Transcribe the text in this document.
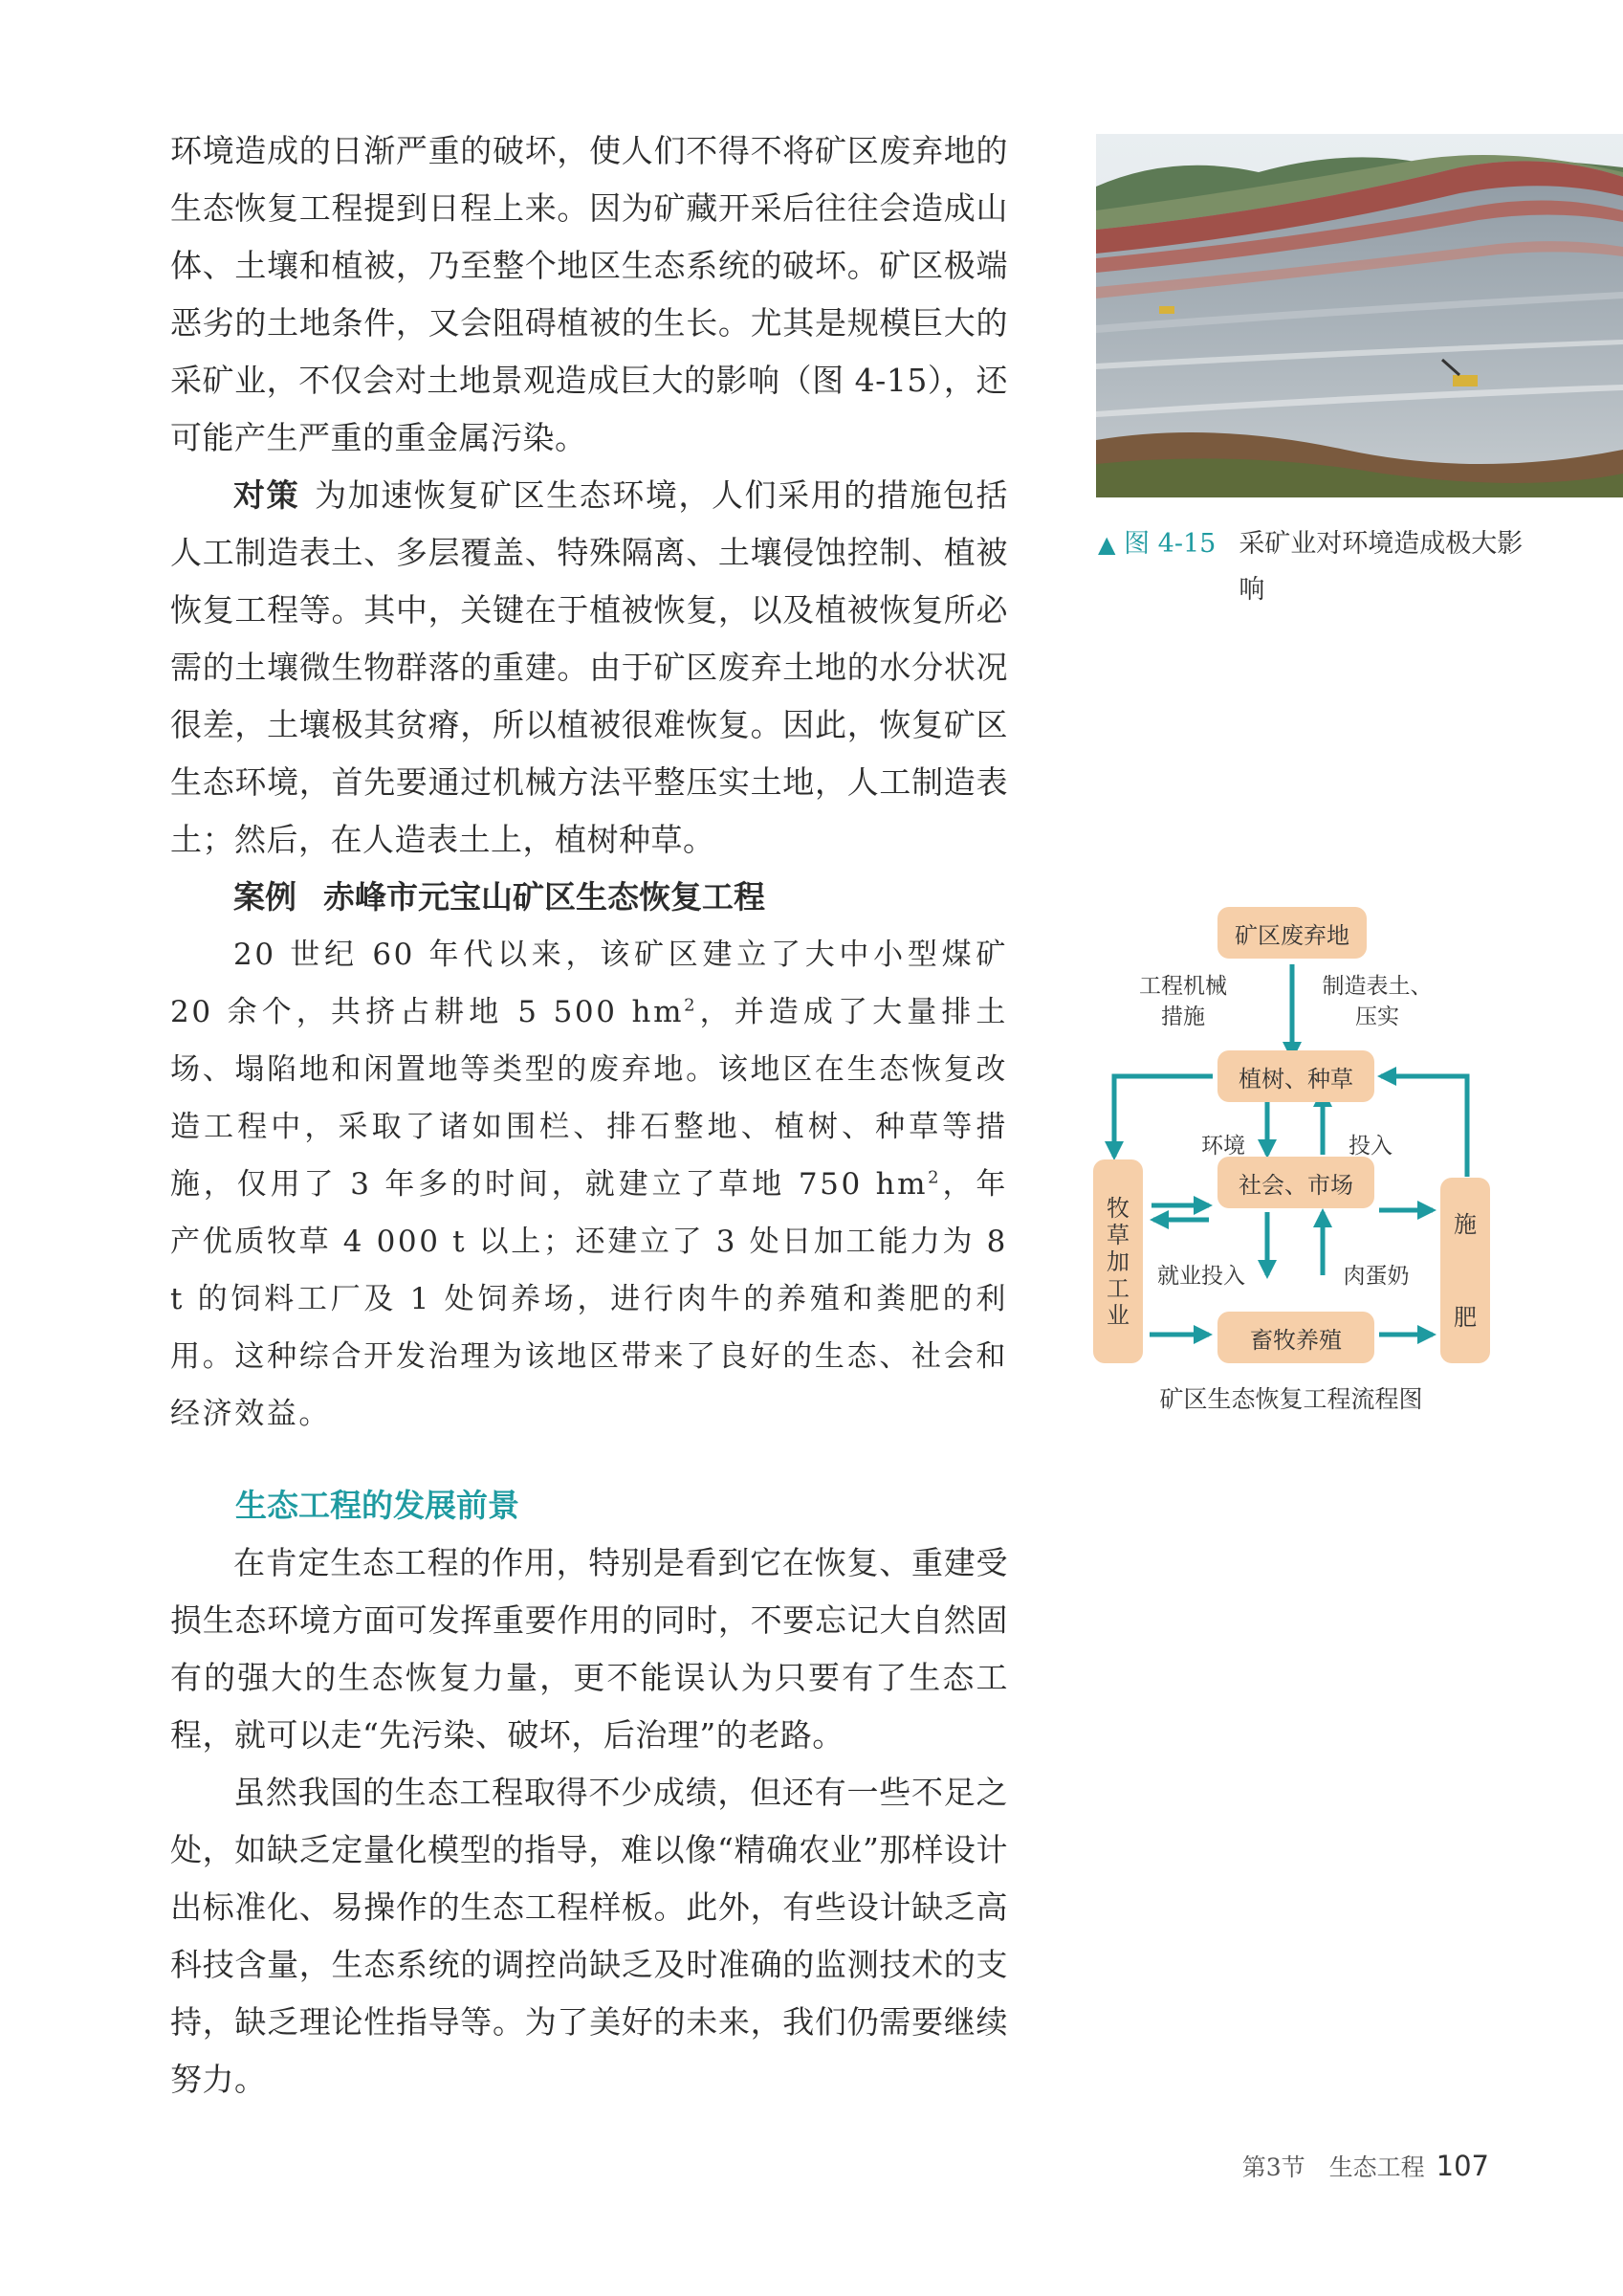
环境造成的日渐严重的破坏，使人们不得不将矿区废弃地的生态恢复工程提到日程上来。因为矿藏开采后往往会造成山体、土壤和植被，乃至整个地区生态系统的破坏。矿区极端恶劣的土地条件，又会阻碍植被的生长。尤其是规模巨大的采矿业，不仅会对土地景观造成巨大的影响（图 4-15），还可能产生严重的重金属污染。

对策 为加速恢复矿区生态环境，人们采用的措施包括人工制造表土、多层覆盖、特殊隔离、土壤侵蚀控制、植被恢复工程等。其中，关键在于植被恢复，以及植被恢复所必需的土壤微生物群落的重建。由于矿区废弃土地的水分状况很差，土壤极其贫瘠，所以植被很难恢复。因此，恢复矿区生态环境，首先要通过机械方法平整压实土地，人工制造表土；然后，在人造表土上，植树种草。

案例 赤峰市元宝山矿区生态恢复工程

20 世纪 60 年代以来，该矿区建立了大中小型煤矿 20 余个，共挤占耕地 5 500 $hm^2$，并造成了大量排土场、塌陷地和闲置地等类型的废弃地。该地区在生态恢复改造工程中，采取了诸如围栏、排石整地、植树、种草等措施，仅用了 3 年多的时间，就建立了草地 750 $hm^2$，年产优质牧草 4 000 t 以上；还建立了 3 处日加工能力为 8 t 的饲料工厂及 1 处饲养场，进行肉牛的养殖和粪肥的利用。这种综合开发治理为该地区带来了良好的生态、社会和经济效益。

生态工程的发展前景

在肯定生态工程的作用，特别是看到它在恢复、重建受损生态环境方面可发挥重要作用的同时，不要忘记大自然固有的强大的生态恢复力量，更不能误认为只要有了生态工程，就可以走“先污染、破坏，后治理”的老路。

虽然我国的生态工程取得不少成绩，但还有一些不足之处，如缺乏定量化模型的指导，难以像“精确农业”那样设计出标准化、易操作的生态工程样板。此外，有些设计缺乏高科技含量，生态系统的调控尚缺乏及时准确的监测技术的支持，缺乏理论性指导等。为了美好的未来，我们仍需要继续努力。

▲ 图 4-15 采矿业对环境造成极大影响
矿区废弃地
植树、种草
社会、市场
畜牧养殖
牧
草
加
工
业
施
肥
工程机械
措施
制造表土、
压实
环境	投入
就业投入	肉蛋奶
矿区生态恢复工程流程图
第3节　生态工程 107
